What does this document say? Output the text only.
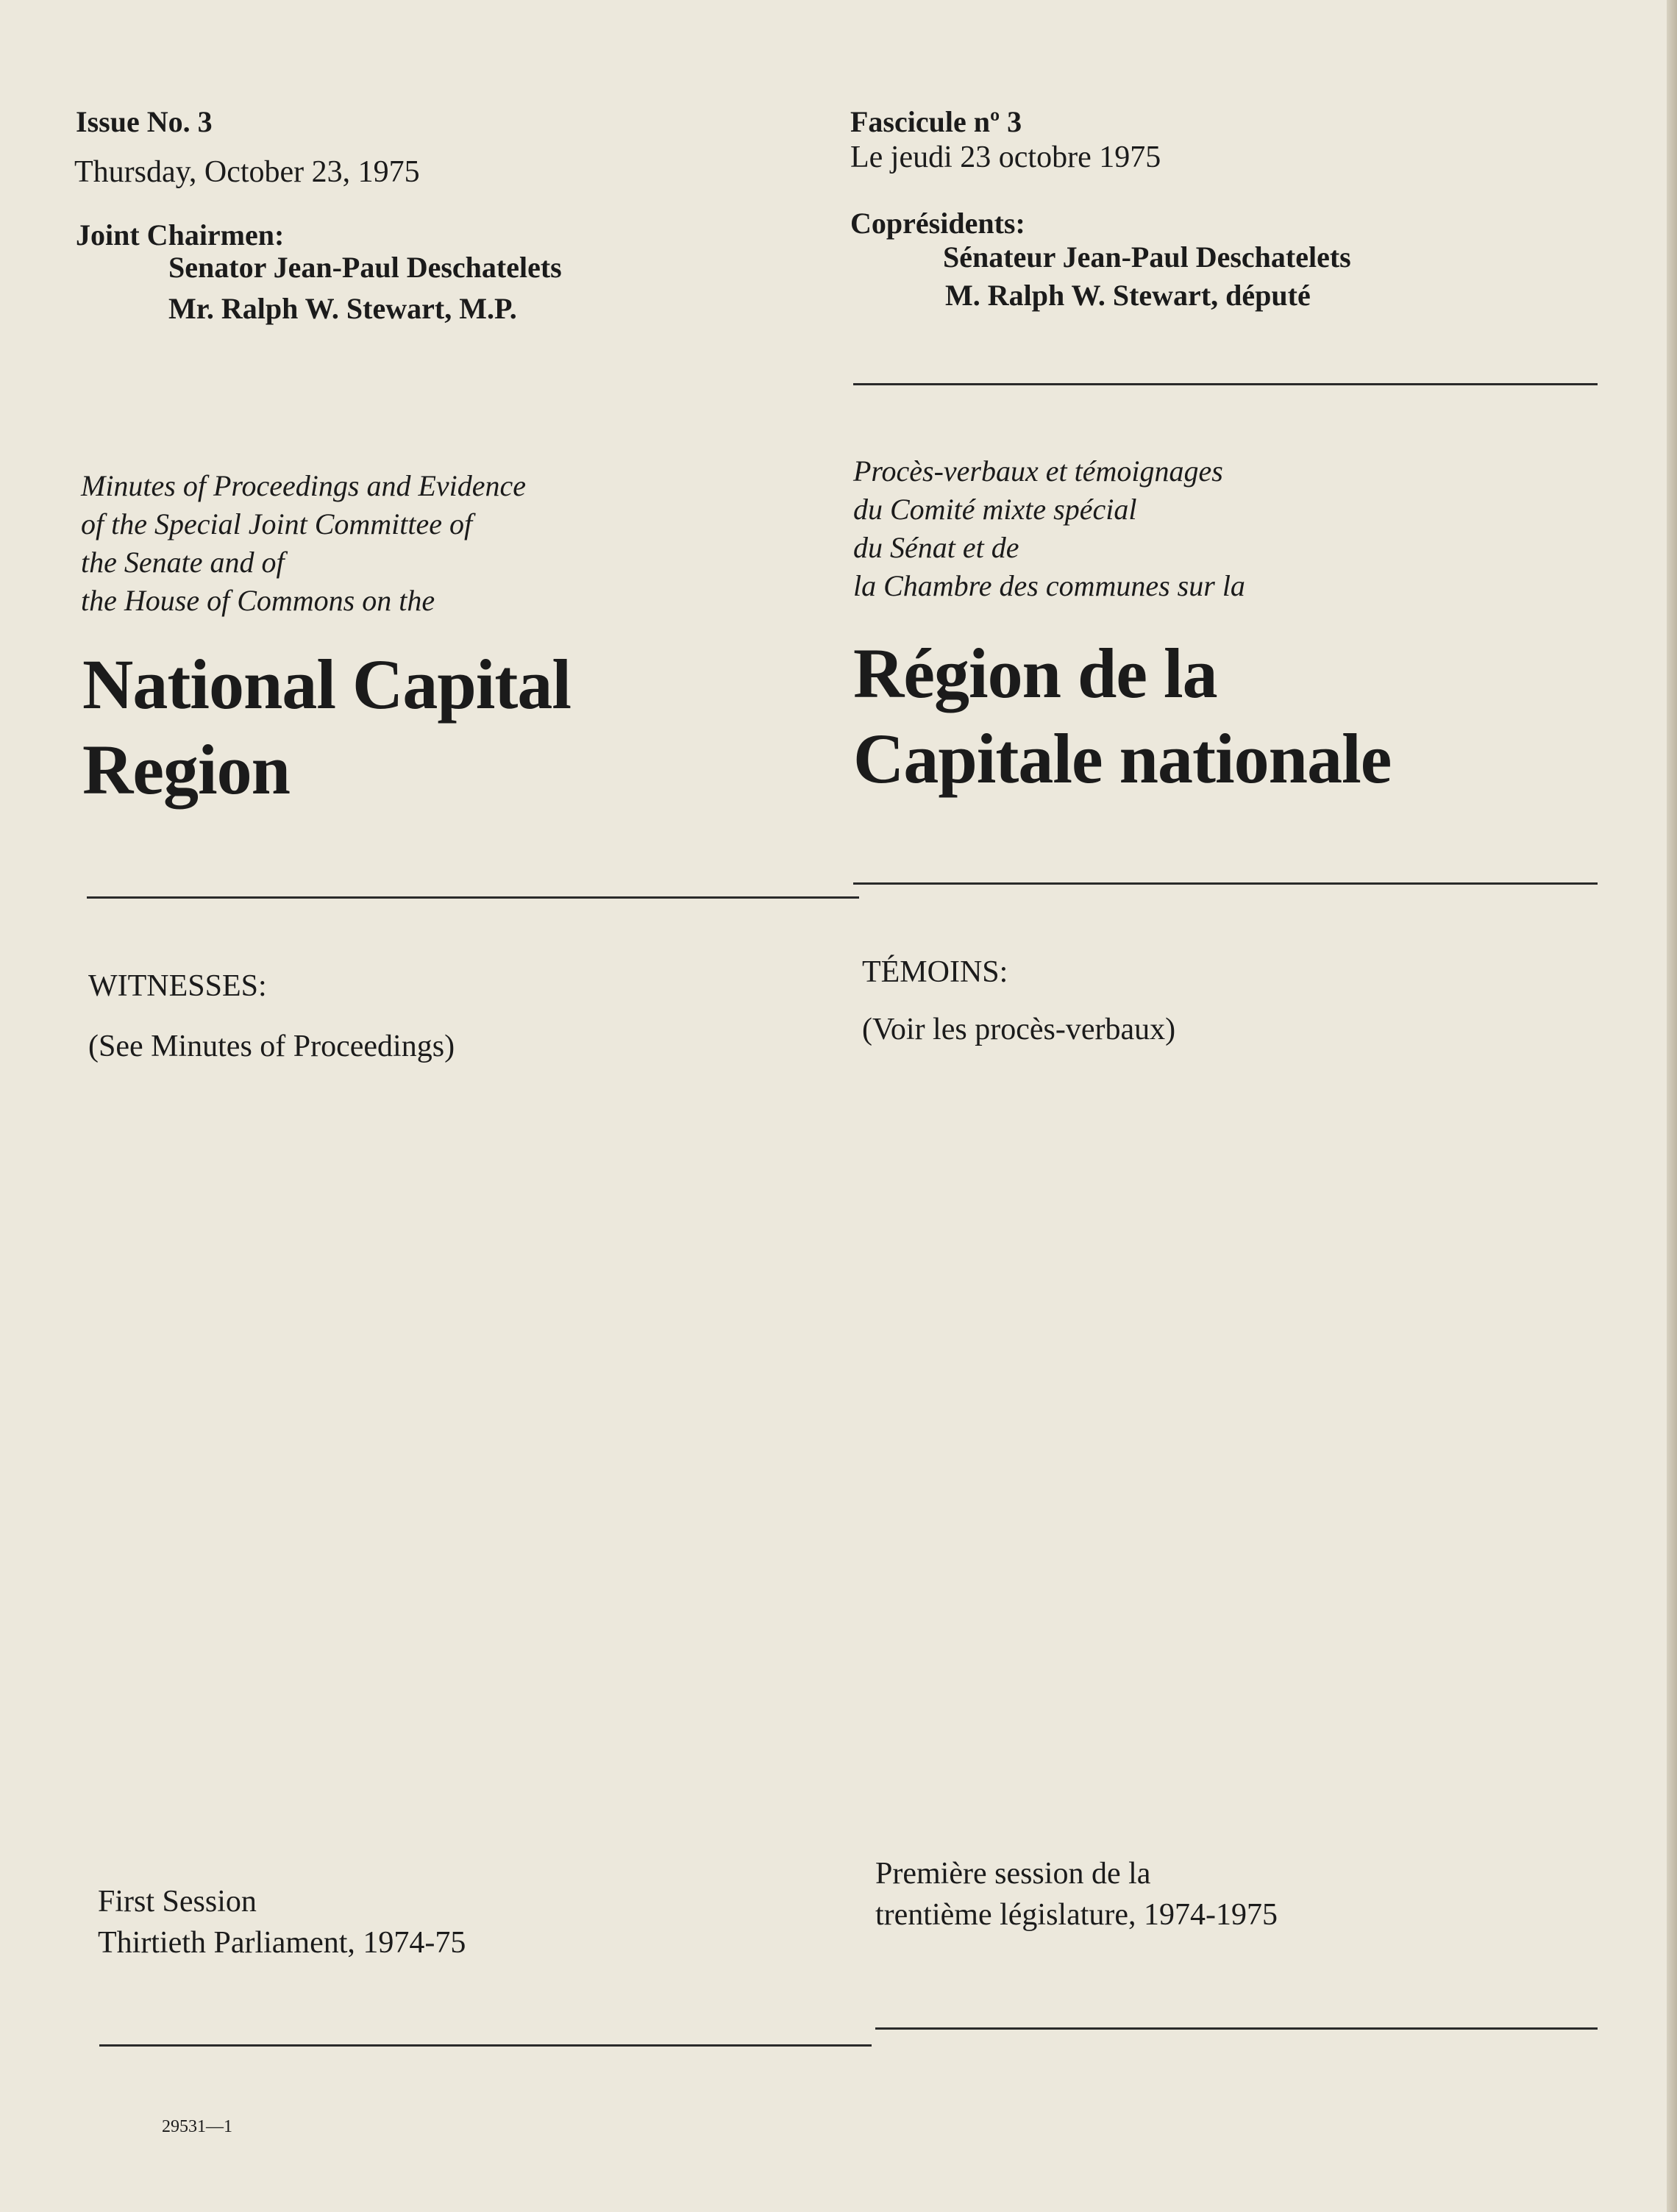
Issue No. 3

Thursday, October 23, 1975

Joint Chairmen:

Senator Jean-Paul Deschatelets

Mr. Ralph W. Stewart, M.P.

Minutes of Proceedings and Evidence
of the Special Joint Committee of
the Senate and of
the House of Commons on the
National Capital
Region

WITNESSES:

(See Minutes of Proceedings)

First Session
Thirtieth Parliament, 1974-75

29531—1

Fascicule nº 3

Le jeudi 23 octobre 1975

Coprésidents:

Sénateur Jean-Paul Deschatelets

M. Ralph W. Stewart, député

Procès-verbaux et témoignages
du Comité mixte spécial
du Sénat et de
la Chambre des communes sur la
Région de la
Capitale nationale

TÉMOINS:

(Voir les procès-verbaux)

Première session de la
trentième législature, 1974-1975
